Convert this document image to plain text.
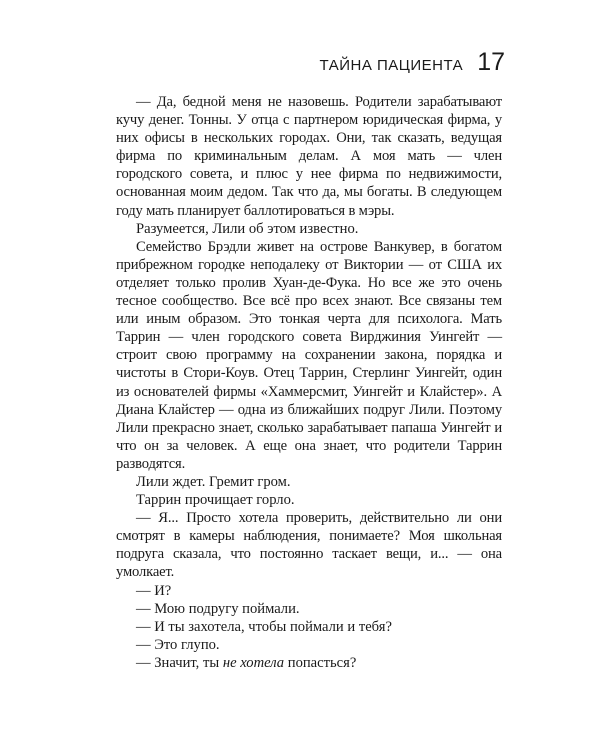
ТАЙНА ПАЦИЕНТА 17

— Да, бедной меня не назовешь. Родители зарабатывают кучу денег. Тонны. У отца с партнером юридическая фирма, у них офисы в нескольких городах. Они, так сказать, ведущая фирма по криминальным делам. А моя мать — член городского совета, и плюс у нее фирма по недвижимости, основанная моим дедом. Так что да, мы богаты. В следующем году мать планирует баллотироваться в мэры.

Разумеется, Лили об этом известно.

Семейство Брэдли живет на острове Ванкувер, в богатом прибрежном городке неподалеку от Виктории — от США их отделяет только пролив Хуан-де-Фука. Но все же это очень тесное сообщество. Все всё про всех знают. Все связаны тем или иным образом. Это тонкая черта для психолога. Мать Таррин — член городского совета Вирджиния Уингейт — строит свою программу на сохранении закона, порядка и чистоты в Стори-Коув. Отец Таррин, Стерлинг Уингейт, один из основателей фирмы «Хаммерсмит, Уингейт и Клайстер». А Диана Клайстер — одна из ближайших подруг Лили. Поэтому Лили прекрасно знает, сколько зарабатывает папаша Уингейт и что он за человек. А еще она знает, что родители Таррин разводятся.

Лили ждет. Гремит гром.

Таррин прочищает горло.

— Я... Просто хотела проверить, действительно ли они смотрят в камеры наблюдения, понимаете? Моя школьная подруга сказала, что постоянно таскает вещи, и... — она умолкает.

— И?

— Мою подругу поймали.

— И ты захотела, чтобы поймали и тебя?

— Это глупо.

— Значит, ты не хотела попасться?
